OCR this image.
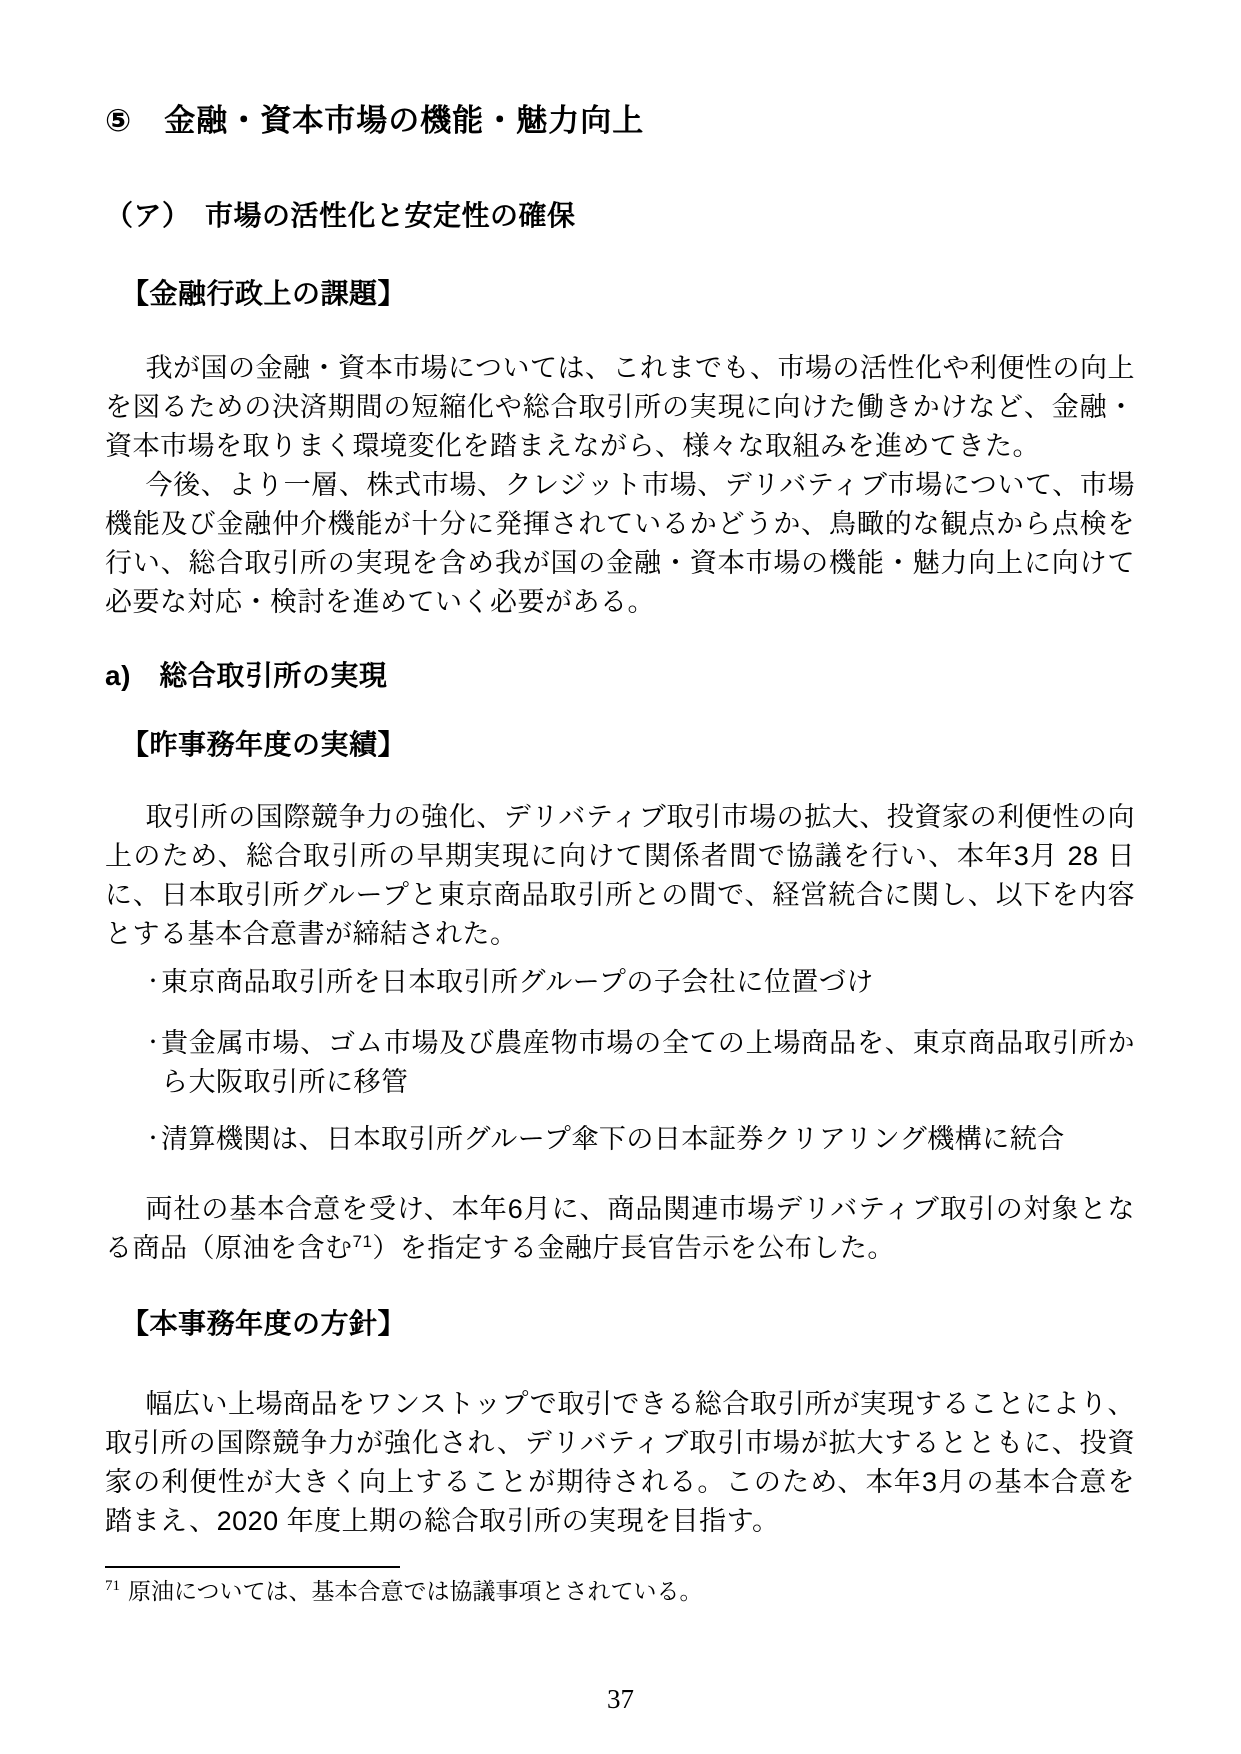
⑤　金融・資本市場の機能・魅力向上
（ア）　市場の活性化と安定性の確保
【金融行政上の課題】

我が国の金融・資本市場については、これまでも、市場の活性化や利便性の向上を図るための決済期間の短縮化や総合取引所の実現に向けた働きかけなど、金融・資本市場を取りまく環境変化を踏まえながら、様々な取組みを進めてきた。

今後、より一層、株式市場、クレジット市場、デリバティブ市場について、市場機能及び金融仲介機能が十分に発揮されているかどうか、鳥瞰的な観点から点検を行い、総合取引所の実現を含め我が国の金融・資本市場の機能・魅力向上に向けて必要な対応・検討を進めていく必要がある。

a)　総合取引所の実現
【昨事務年度の実績】

取引所の国際競争力の強化、デリバティブ取引市場の拡大、投資家の利便性の向上のため、総合取引所の早期実現に向けて関係者間で協議を行い、本年3月 28 日に、日本取引所グループと東京商品取引所との間で、経営統合に関し、以下を内容とする基本合意書が締結された。

・
東京商品取引所を日本取引所グループの子会社に位置づけ
・
貴金属市場、ゴム市場及び農産物市場の全ての上場商品を、東京商品取引所から大阪取引所に移管
・
清算機関は、日本取引所グループ傘下の日本証券クリアリング機構に統合

両社の基本合意を受け、本年6月に、商品関連市場デリバティブ取引の対象となる商品（原油を含む$^{71}$）を指定する金融庁長官告示を公布した。

【本事務年度の方針】

幅広い上場商品をワンストップで取引できる総合取引所が実現することにより、取引所の国際競争力が強化され、デリバティブ取引市場が拡大するとともに、投資家の利便性が大きく向上することが期待される。このため、本年3月の基本合意を踏まえ、2020 年度上期の総合取引所の実現を目指す。

$^{71}$ 原油については、基本合意では協議事項とされている。

37
